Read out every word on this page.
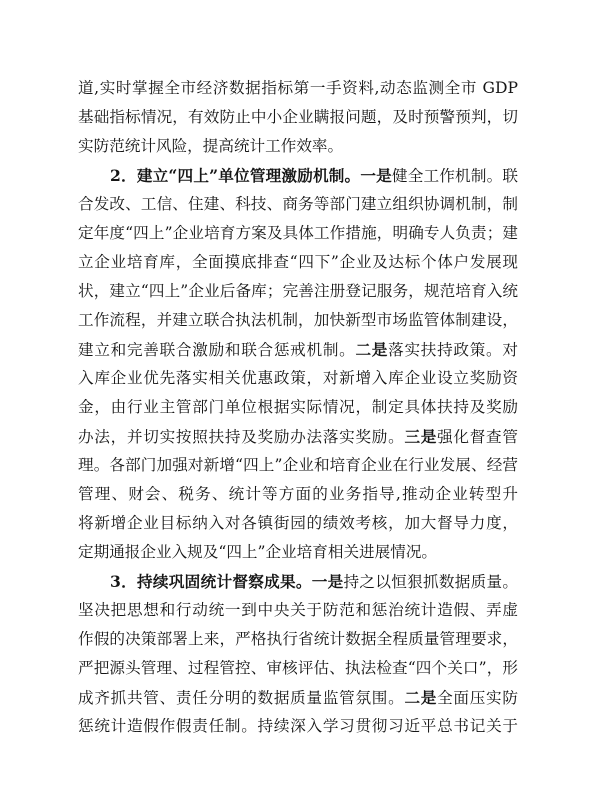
道,实时掌握全市经济数据指标第一手资料,动态监测全市 GDP
基础指标情况，有效防止中小企业瞒报问题，及时预警预判，切
实防范统计风险，提高统计工作效率。
2．建立“四上”单位管理激励机制。一是健全工作机制。联
合发改、工信、住建、科技、商务等部门建立组织协调机制，制
定年度“四上”企业培育方案及具体工作措施，明确专人负责；建
立企业培育库，全面摸底排查“四下”企业及达标个体户发展现
状，建立“四上”企业后备库；完善注册登记服务，规范培育入统
工作流程，并建立联合执法机制，加快新型市场监管体制建设，
建立和完善联合激励和联合惩戒机制。二是落实扶持政策。对
入库企业优先落实相关优惠政策，对新增入库企业设立奖励资
金，由行业主管部门单位根据实际情况，制定具体扶持及奖励
办法，并切实按照扶持及奖励办法落实奖励。三是强化督查管
理。各部门加强对新增“四上”企业和培育企业在行业发展、经营
管理、财会、税务、统计等方面的业务指导,推动企业转型升
将新增企业目标纳入对各镇街园的绩效考核，加大督导力度，
定期通报企业入规及“四上”企业培育相关进展情况。
3．持续巩固统计督察成果。一是持之以恒狠抓数据质量。
坚决把思想和行动统一到中央关于防范和惩治统计造假、弄虚
作假的决策部署上来，严格执行省统计数据全程质量管理要求，
严把源头管理、过程管控、审核评估、执法检查“四个关口”，形
成齐抓共管、责任分明的数据质量监管氛围。二是全面压实防
惩统计造假作假责任制。持续深入学习贯彻习近平总书记关于
